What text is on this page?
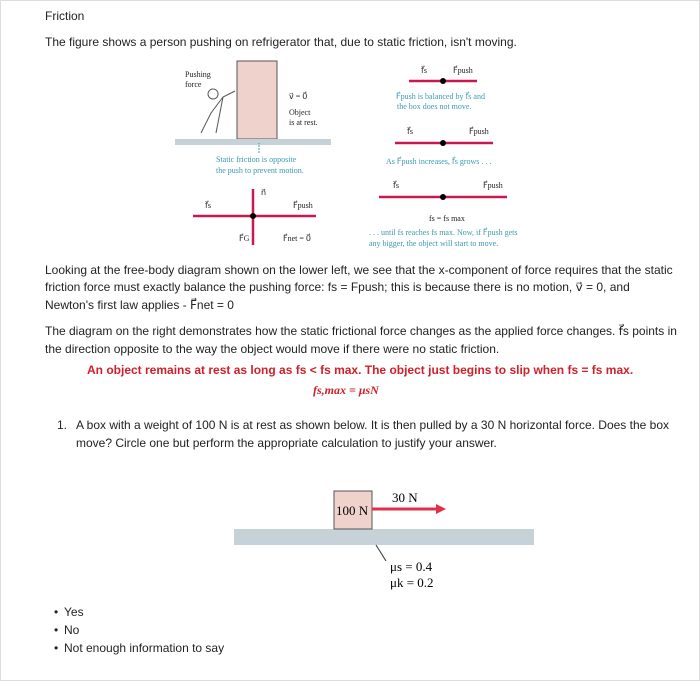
Friction
The figure shows a person pushing on refrigerator that, due to static friction, isn't moving.
Pushing
force
v⃗ = 0⃗
Object
is at rest.
Static friction is opposite
the push to prevent motion.
f⃗s
n⃗
F⃗push
F⃗G	F⃗net = 0⃗
f⃗s	F⃗push
F⃗push is balanced by f⃗s and
the box does not move.
f⃗s	F⃗push
As F⃗push increases, f⃗s grows . . .
f⃗s	F⃗push
fs = fs max
. . . until fs reaches fs max. Now, if F⃗push gets
any bigger, the object will start to move.
Looking at the free-body diagram shown on the lower left, we see that the x-component of force requires that the static
friction force must exactly balance the pushing force: fs = Fpush; this is because there is no motion, v⃗ = 0, and
Newton's first law applies - F⃗net = 0
The diagram on the right demonstrates how the static frictional force changes as the applied force changes. f⃗s points in
the direction opposite to the way the object would move if there were no static friction.
An object remains at rest as long as fs < fs max. The object just begins to slip when fs = fs max.
fs,max = μsN
1. A box with a weight of 100 N is at rest as shown below. It is then pulled by a 30 N horizontal force. Does the box
move? Circle one but perform the appropriate calculation to justify your answer.
100 N
30 N
μs = 0.4
μk = 0.2
• Yes
• No
• Not enough information to say
